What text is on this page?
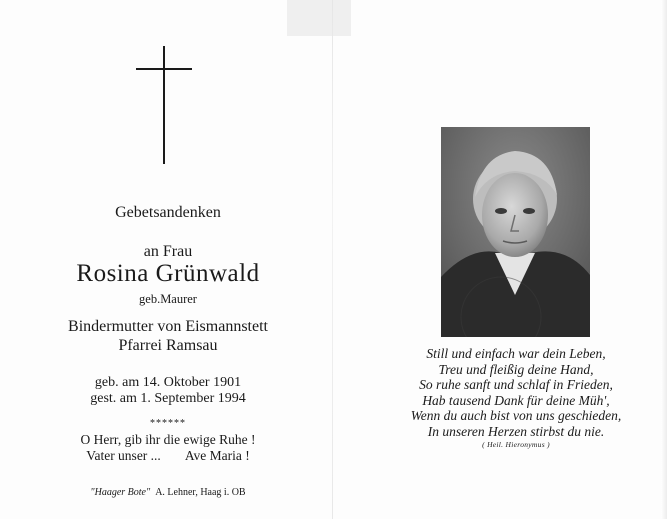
Gebetsandenken
an Frau
Rosina Grünwald
geb.Maurer
Bindermutter von Eismannstett
Pfarrei Ramsau
geb. am 14. Oktober 1901
gest. am 1. September 1994
******
O Herr, gib ihr die ewige Ruhe !
Vater unser ... Ave Maria !
"Haager Bote" A. Lehner, Haag i. OB
Still und einfach war dein Leben,
Treu und fleißig deine Hand,
So ruhe sanft und schlaf in Frieden,
Hab tausend Dank für deine Müh',
Wenn du auch bist von uns geschieden,
In unseren Herzen stirbst du nie.
( Heil. Hieronymus )
